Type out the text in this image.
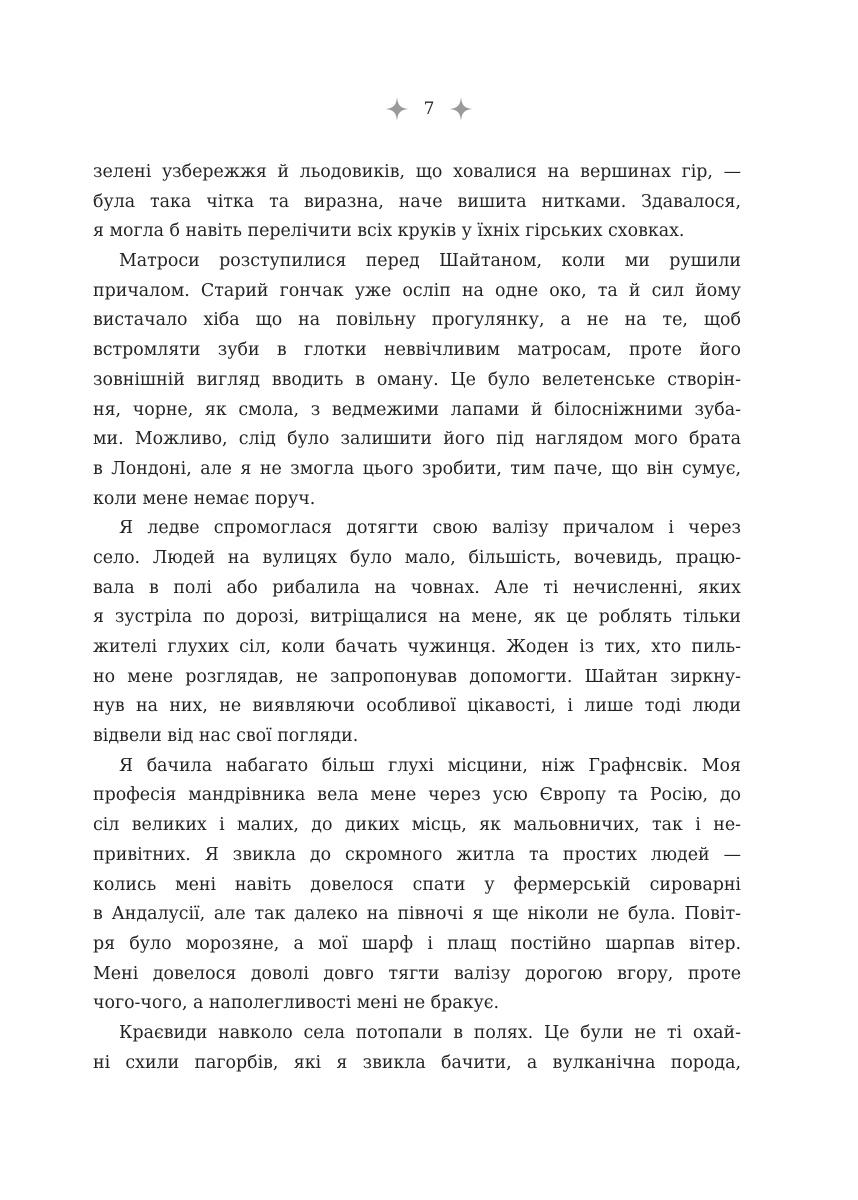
7
зелені узбережжя й льодовиків, що ховалися на вершинах гір, —
була така чітка та виразна, наче вишита нитками. Здавалося,
я могла б навіть перелічити всіх круків у їхніх гірських сховках.
Матроси розступилися перед Шайтаном, коли ми рушили
причалом. Старий гончак уже осліп на одне око, та й сил йому
вистачало хіба що на повільну прогулянку, а не на те, щоб
встромляти зуби в глотки неввічливим матросам, проте його
зовнішній вигляд вводить в оману. Це було велетенське створін-
ня, чорне, як смола, з ведмежими лапами й білосніжними зуба-
ми. Можливо, слід було залишити його під наглядом мого брата
в Лондоні, але я не змогла цього зробити, тим паче, що він сумує,
коли мене немає поруч.
Я ледве спромоглася дотягти свою валізу причалом і через
село. Людей на вулицях було мало, більшість, вочевидь, працю-
вала в полі або рибалила на човнах. Але ті нечисленні, яких
я зустріла по дорозі, витріщалися на мене, як це роблять тільки
жителі глухих сіл, коли бачать чужинця. Жоден із тих, хто пиль-
но мене розглядав, не запропонував допомогти. Шайтан зиркну-
нув на них, не виявляючи особливої цікавості, і лише тоді люди
відвели від нас свої погляди.
Я бачила набагато більш глухі місцини, ніж Графнсвік. Моя
професія мандрівника вела мене через усю Європу та Росію, до
сіл великих і малих, до диких місць, як мальовничих, так і не-
привітних. Я звикла до скромного житла та простих людей —
колись мені навіть довелося спати у фермерській сироварні
в Андалусії, але так далеко на півночі я ще ніколи не була. Повіт-
ря було морозяне, а мої шарф і плащ постійно шарпав вітер.
Мені довелося доволі довго тягти валізу дорогою вгору, проте
чого-чого, а наполегливості мені не бракує.
Краєвиди навколо села потопали в полях. Це були не ті охай-
ні схили пагорбів, які я звикла бачити, а вулканічна порода,
